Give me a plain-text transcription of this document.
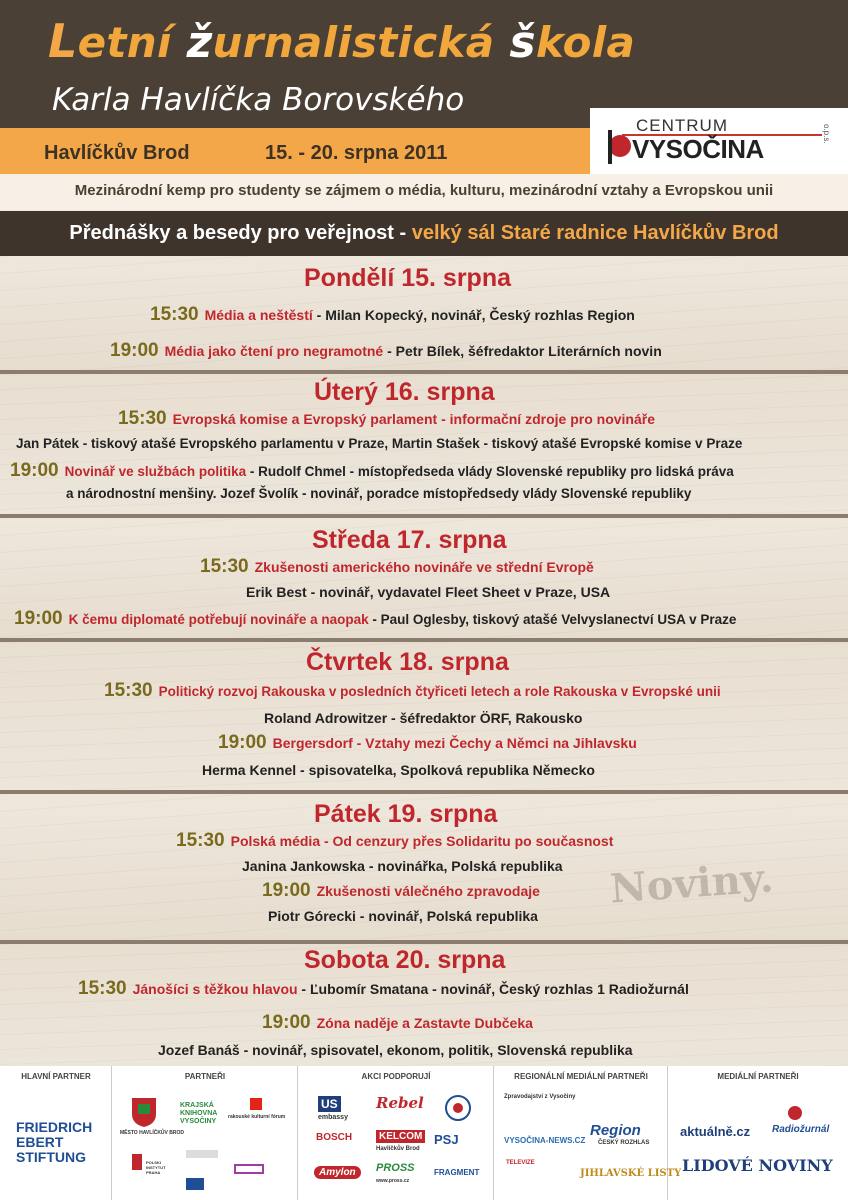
Letní žurnalistická škola
Karla Havlíčka Borovského
Havlíčkův Brod	15. - 20. srpna 2011
CENTRUM
VYSOČINA
o.p.s.
Mezinárodní kemp pro studenty se zájmem o média, kulturu, mezinárodní vztahy a Evropskou unii
Přednášky a besedy pro veřejnost - velký sál Staré radnice Havlíčkův Brod
Pondělí 15. srpna
15:30 Média a neštěstí - Milan Kopecký, novinář, Český rozhlas Region
19:00 Média jako čtení pro negramotné - Petr Bílek, šéfredaktor Literárních novin
Úterý 16. srpna
15:30 Evropská komise a Evropský parlament - informační zdroje pro novináře
Jan Pátek - tiskový atašé Evropského parlamentu v Praze, Martin Stašek - tiskový atašé Evropské komise v Praze
19:00 Novinář ve službách politika - Rudolf Chmel - místopředseda vlády Slovenské republiky pro lidská práva
a národnostní menšiny. Jozef Švolík - novinář, poradce místopředsedy vlády Slovenské republiky
Středa 17. srpna
15:30 Zkušenosti amerického novináře ve střední Evropě
Erik Best - novinář, vydavatel Fleet Sheet v Praze, USA
19:00 K čemu diplomaté potřebují novináře a naopak - Paul Oglesby, tiskový atašé Velvyslanectví USA v Praze
Čtvrtek 18. srpna
15:30 Politický rozvoj Rakouska v posledních čtyřiceti letech a role Rakouska v Evropské unii
Roland Adrowitzer - šéfredaktor ÖRF, Rakousko
19:00 Bergersdorf - Vztahy mezi Čechy a Němci na Jihlavsku
Herma Kennel - spisovatelka, Spolková republika Německo
Noviny.
Pátek 19. srpna
15:30 Polská média - Od cenzury přes Solidaritu po současnost
Janina Jankowska - novinářka, Polská republika
19:00 Zkušenosti válečného zpravodaje
Piotr Górecki - novinář, Polská republika
Sobota 20. srpna
15:30 Jánošíci s těžkou hlavou - Ľubomír Smatana - novinář, Český rozhlas 1 Radiožurnál
19:00 Zóna naděje a Zastavte Dubčeka
Jozef Banáš - novinář, spisovatel, ekonom, politik, Slovenská republika
HLAVNÍ PARTNER	PARTNEŘI	AKCI PODPORUJÍ	REGIONÁLNÍ MEDIÁLNÍ PARTNEŘI	MEDIÁLNÍ PARTNEŘI
FRIEDRICH
EBERT
STIFTUNG
MĚSTO HAVLÍČKŮV BROD
KRAJSKÁ
KNIHOVNA
VYSOČINY
rakouské kulturní fórum
POLSKI INSTYTUT PRAHA
US
embassy
Rebel
BOSCH	KELCOM
Havlíčkův Brod
PSJ
Amylon	PROSS
www.pross.cz
FRAGMENT
Zpravodajství z Vysočiny
VYSOČINA-NEWS.CZ
Region
ČESKÝ ROZHLAS
TELEVIZE
JIHLAVSKÉ LISTY
aktuálně.cz Radiožurnál
LIDOVÉ NOVINY
